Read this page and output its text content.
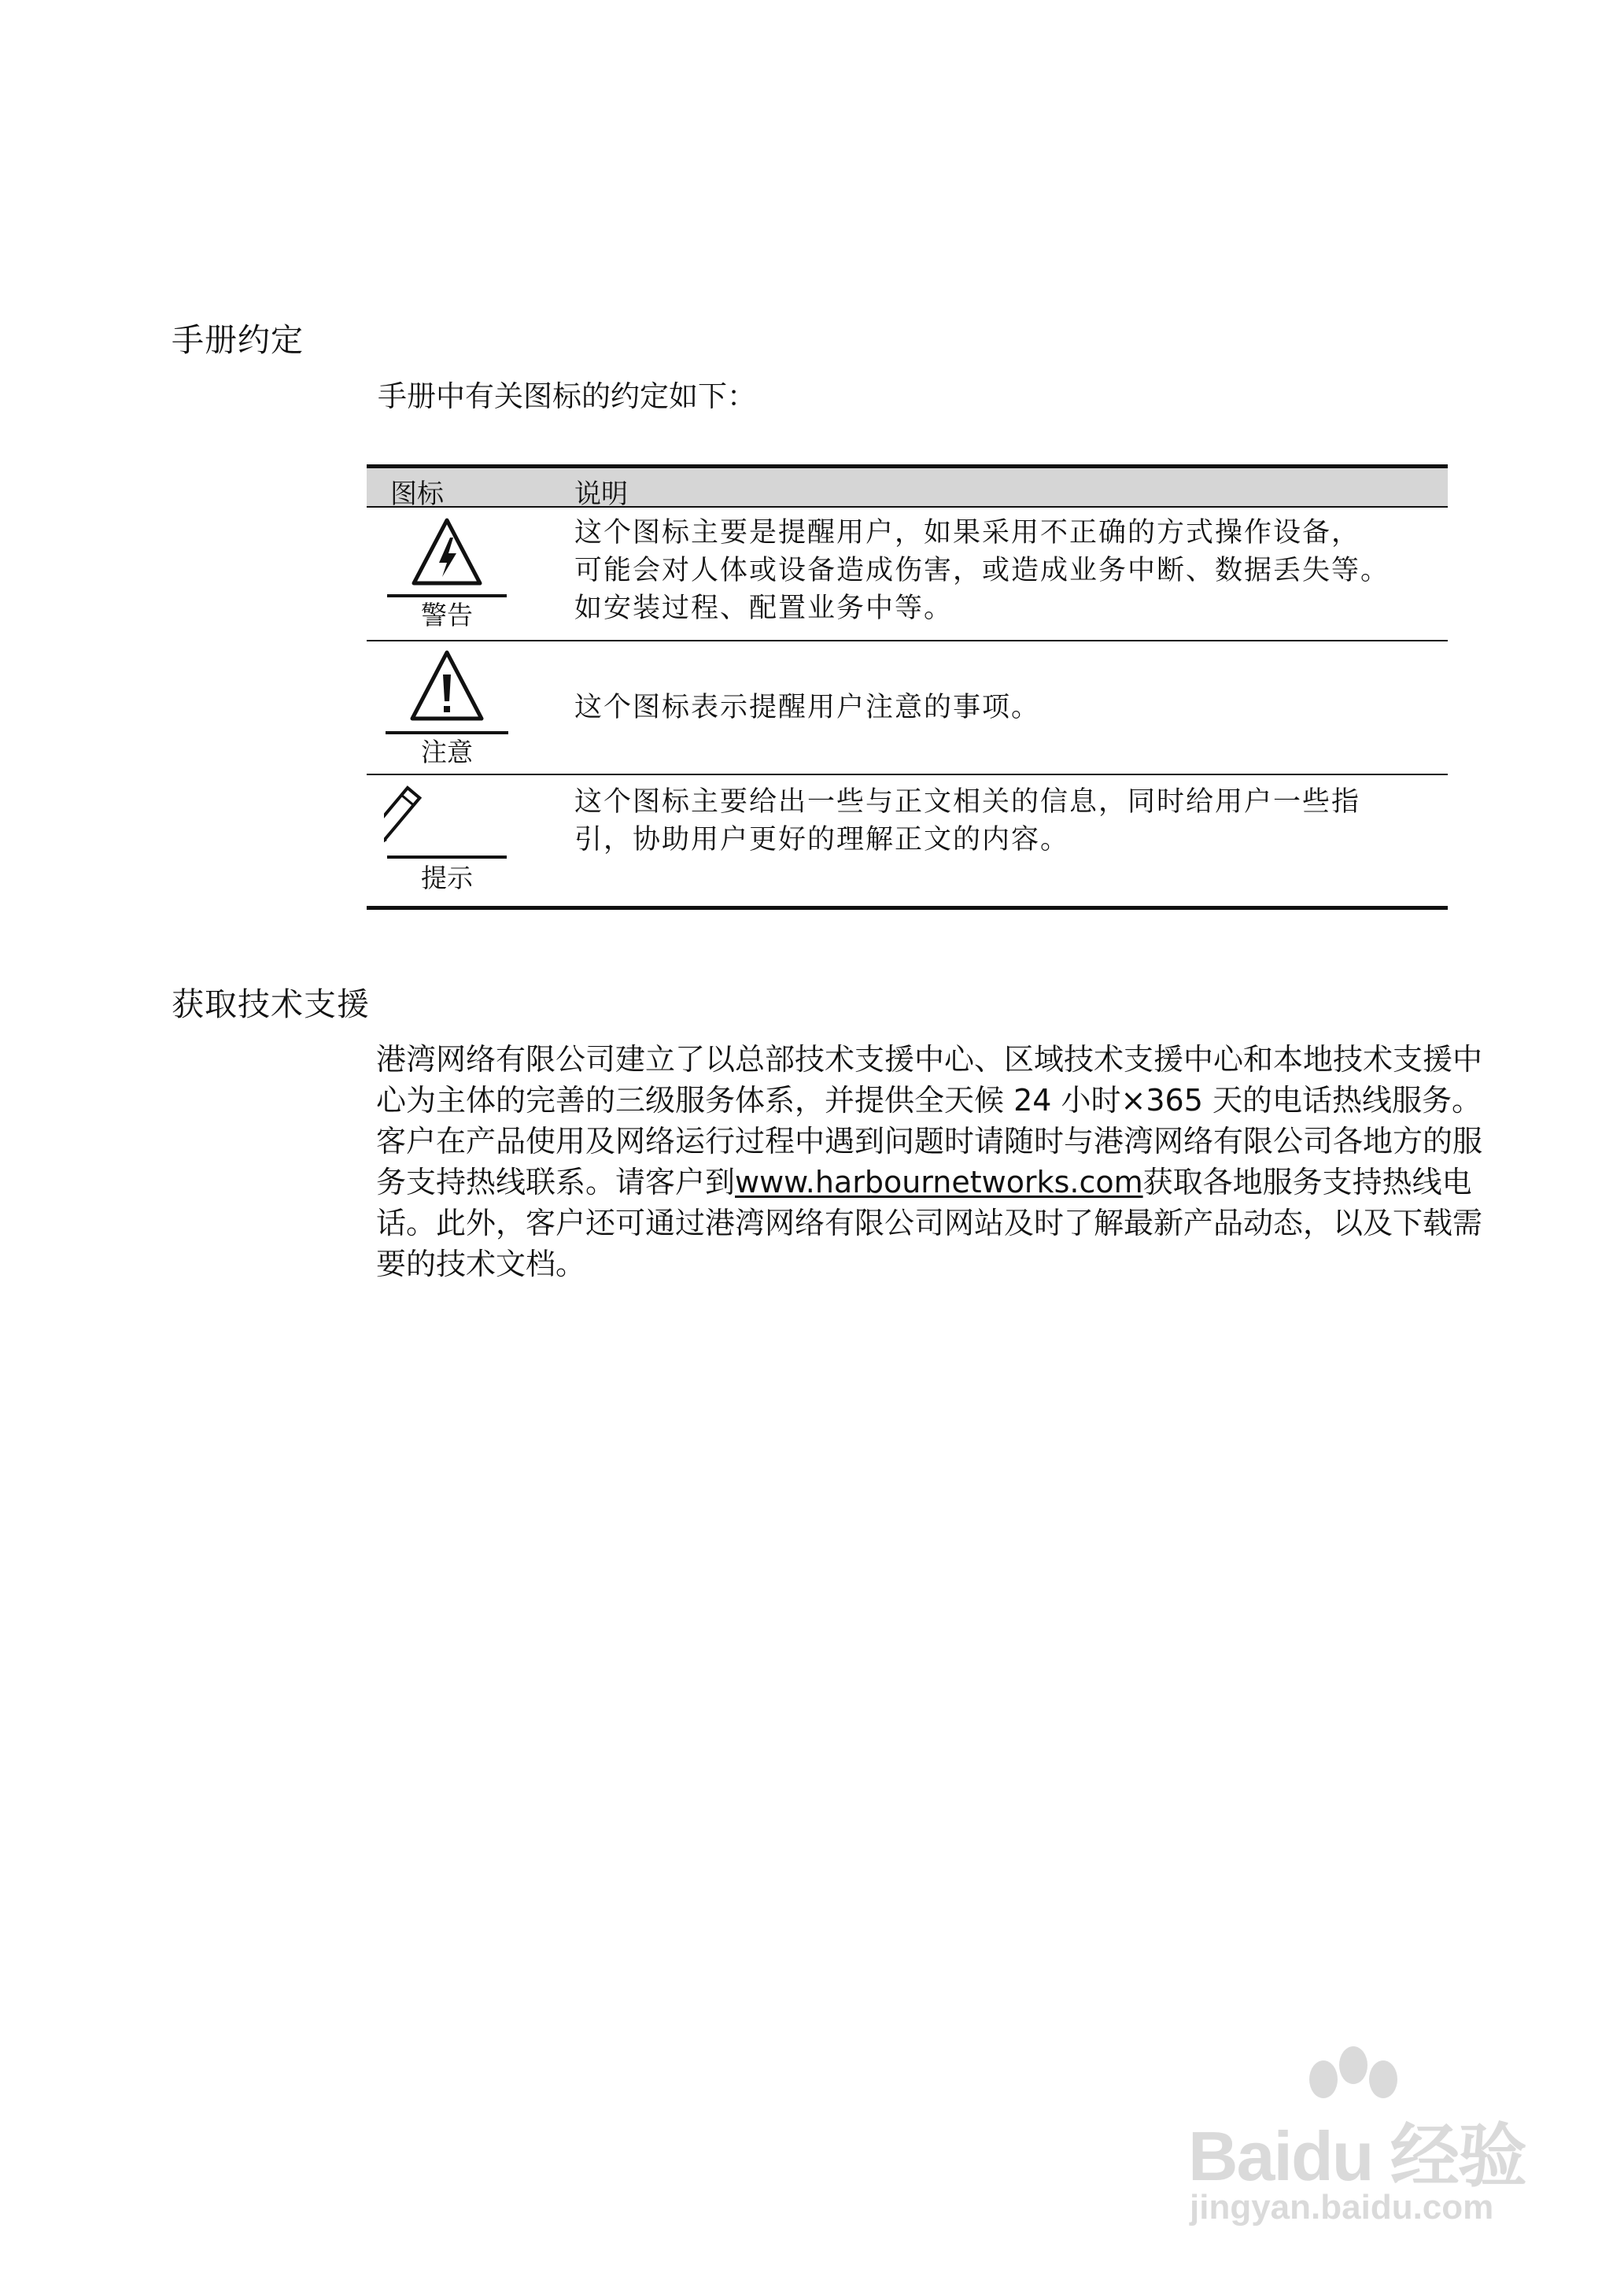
手册约定

手册中有关图标的约定如下：

图标	说明
警告

这个图标主要是提醒用户，如果采用不正确的方式操作设备，

可能会对人体或设备造成伤害，或造成业务中断、数据丢失等。

如安装过程、配置业务中等。

注意

这个图标表示提醒用户注意的事项。

提示

这个图标主要给出一些与正文相关的信息，同时给用户一些指

引，协助用户更好的理解正文的内容。

获取技术支援

港湾网络有限公司建立了以总部技术支援中心、区域技术支援中心和本地技术支援中心为主体的完善的三级服务体系，并提供全天候 24 小时×365 天的电话热线服务。客户在产品使用及网络运行过程中遇到问题时请随时与港湾网络有限公司各地方的服务支持热线联系。请客户到www.harbournetworks.com获取各地服务支持热线电话。此外，客户还可通过港湾网络有限公司网站及时了解最新产品动态，以及下载需要的技术文档。

Baidu 经验
jingyan.baidu.com
